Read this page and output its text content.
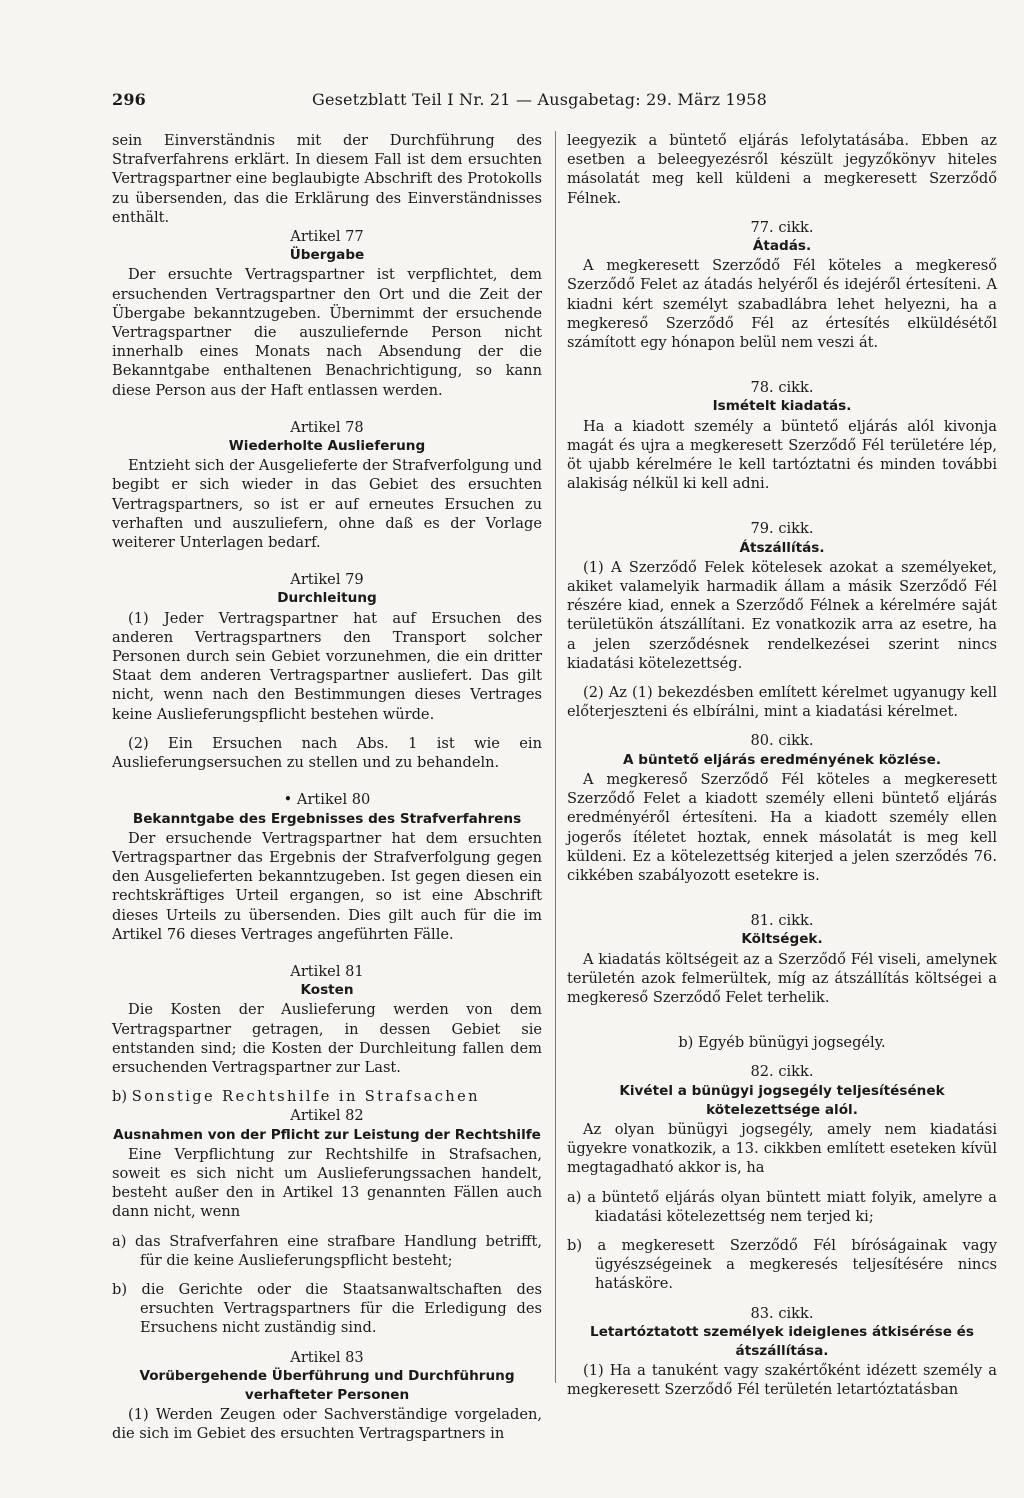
296	Gesetzblatt Teil I Nr. 21 — Ausgabetag: 29. März 1958

sein Einverständnis mit der Durchführung des Strafverfahrens erklärt. In diesem Fall ist dem ersuchten Vertragspartner eine beglaubigte Abschrift des Protokolls zu übersenden, das die Erklärung des Einverständnisses enthält.

Artikel 77
Übergabe

Der ersuchte Vertragspartner ist verpflichtet, dem ersuchenden Vertragspartner den Ort und die Zeit der Übergabe bekanntzugeben. Übernimmt der ersuchende Vertragspartner die auszuliefernde Person nicht innerhalb eines Monats nach Absendung der die Bekanntgabe enthaltenen Benachrichtigung, so kann diese Person aus der Haft entlassen werden.

Artikel 78
Wiederholte Auslieferung

Entzieht sich der Ausgelieferte der Strafverfolgung und begibt er sich wieder in das Gebiet des ersuchten Vertragspartners, so ist er auf erneutes Ersuchen zu verhaften und auszuliefern, ohne daß es der Vorlage weiterer Unterlagen bedarf.

Artikel 79
Durchleitung

(1) Jeder Vertragspartner hat auf Ersuchen des anderen Vertragspartners den Transport solcher Personen durch sein Gebiet vorzunehmen, die ein dritter Staat dem anderen Vertragspartner ausliefert. Das gilt nicht, wenn nach den Bestimmungen dieses Vertrages keine Auslieferungspflicht bestehen würde.

(2) Ein Ersuchen nach Abs. 1 ist wie ein Auslieferungsersuchen zu stellen und zu behandeln.

• Artikel 80
Bekanntgabe des Ergebnisses des Strafverfahrens

Der ersuchende Vertragspartner hat dem ersuchten Vertragspartner das Ergebnis der Strafverfolgung gegen den Ausgelieferten bekanntzugeben. Ist gegen diesen ein rechtskräftiges Urteil ergangen, so ist eine Abschrift dieses Urteils zu übersenden. Dies gilt auch für die im Artikel 76 dieses Vertrages angeführten Fälle.

Artikel 81
Kosten

Die Kosten der Auslieferung werden von dem Vertragspartner getragen, in dessen Gebiet sie entstanden sind; die Kosten der Durchleitung fallen dem ersuchenden Vertragspartner zur Last.

b) Sonstige Rechtshilfe in Strafsachen

Artikel 82
Ausnahmen von der Pflicht zur Leistung der Rechtshilfe

Eine Verpflichtung zur Rechtshilfe in Strafsachen, soweit es sich nicht um Auslieferungssachen handelt, besteht außer den in Artikel 13 genannten Fällen auch dann nicht, wenn

a) das Strafverfahren eine strafbare Handlung betrifft, für die keine Auslieferungspflicht besteht;

b) die Gerichte oder die Staatsanwaltschaften des ersuchten Vertragspartners für die Erledigung des Ersuchens nicht zuständig sind.

Artikel 83
Vorübergehende Überführung und Durchführung verhafteter Personen

(1) Werden Zeugen oder Sachverständige vorgeladen, die sich im Gebiet des ersuchten Vertragspartners in

leegyezik a büntető eljárás lefolytatásába. Ebben az esetben a beleegyezésről készült jegyzőkönyv hiteles másolatát meg kell küldeni a megkeresett Szerződő Félnek.

77. cikk.
Átadás.

A megkeresett Szerződő Fél köteles a megkereső Szerződő Felet az átadás helyéről és idejéről értesíteni. A kiadni kért személyt szabadlábra lehet helyezni, ha a megkereső Szerződő Fél az értesítés elküldésétől számított egy hónapon belül nem veszi át.

78. cikk.
Ismételt kiadatás.

Ha a kiadott személy a büntető eljárás alól kivonja magát és ujra a megkeresett Szerződő Fél területére lép, öt ujabb kérelmére le kell tartóztatni és minden további alakiság nélkül ki kell adni.

79. cikk.
Átszállítás.

(1) A Szerződő Felek kötelesek azokat a személyeket, akiket valamelyik harmadik állam a másik Szerződő Fél részére kiad, ennek a Szerződő Félnek a kérelmére saját területükön átszállítani. Ez vonatkozik arra az esetre, ha a jelen szerződésnek rendelkezései szerint nincs kiadatási kötelezettség.

(2) Az (1) bekezdésben említett kérelmet ugyanugy kell előterjeszteni és elbírálni, mint a kiadatási kérelmet.

80. cikk.
A büntető eljárás eredményének közlése.

A megkereső Szerződő Fél köteles a megkeresett Szerződő Felet a kiadott személy elleni büntető eljárás eredményéről értesíteni. Ha a kiadott személy ellen jogerős ítéletet hoztak, ennek másolatát is meg kell küldeni. Ez a kötelezettség kiterjed a jelen szerződés 76. cikkében szabályozott esetekre is.

81. cikk.
Költségek.

A kiadatás költségeit az a Szerződő Fél viseli, amelynek területén azok felmerültek, míg az átszállítás költségei a megkereső Szerződő Felet terhelik.

b) Egyéb bünügyi jogsegély.
82. cikk.
Kivétel a bünügyi jogsegély teljesítésének kötelezettsége alól.

Az olyan bünügyi jogsegély, amely nem kiadatási ügyekre vonatkozik, a 13. cikkben említett eseteken kívül megtagadható akkor is, ha

a) a büntető eljárás olyan büntett miatt folyik, amelyre a kiadatási kötelezettség nem terjed ki;

b) a megkeresett Szerződő Fél bíróságainak vagy ügyészségeinek a megkeresés teljesítésére nincs hatásköre.

83. cikk.
Letartóztatott személyek ideiglenes átkisérése és átszállítása.

(1) Ha a tanuként vagy szakértőként idézett személy a megkeresett Szerződő Fél területén letartóztatásban
